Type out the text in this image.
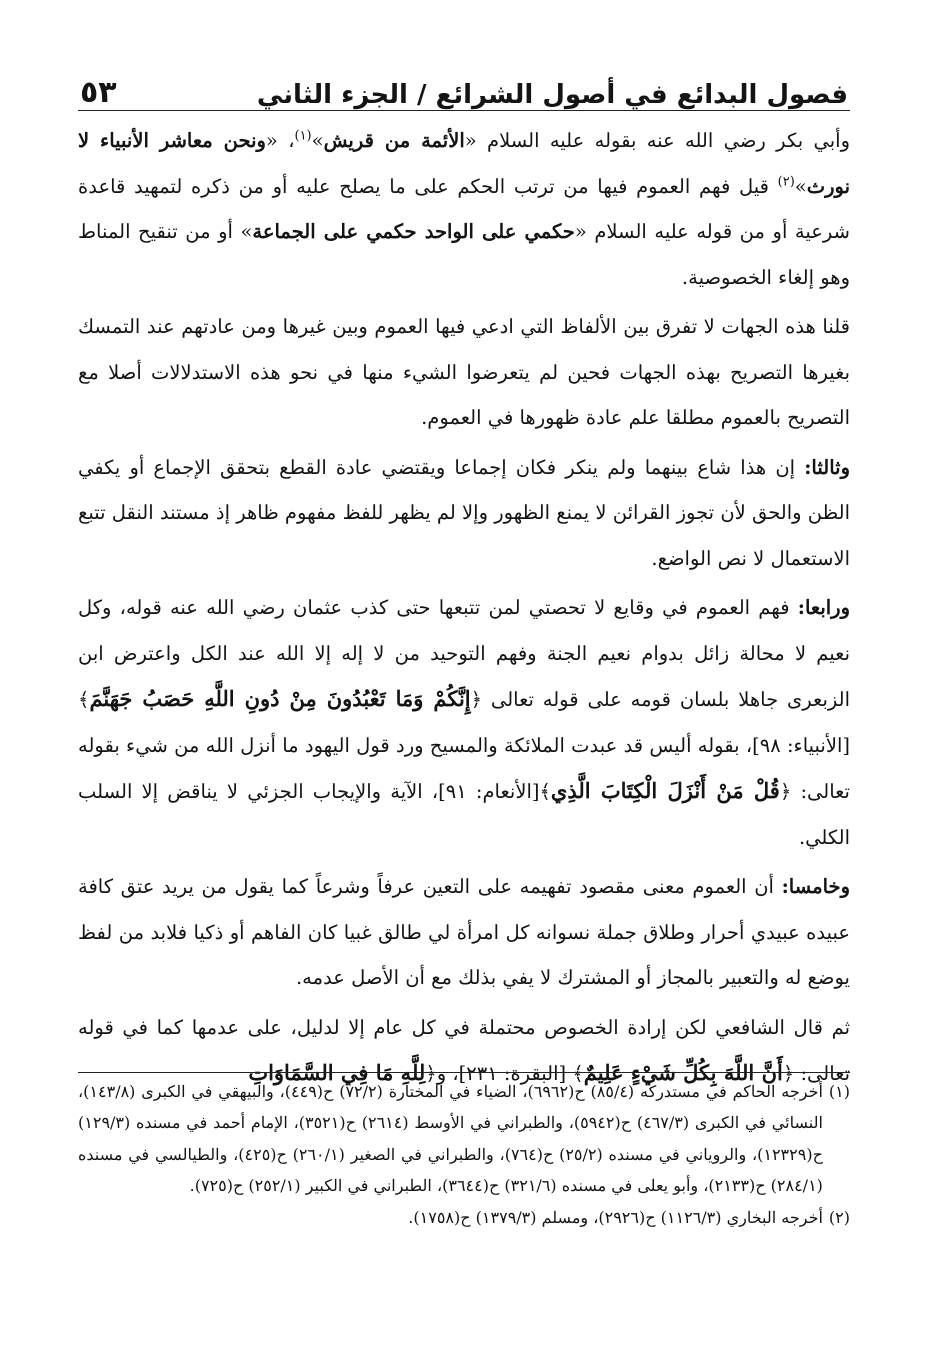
فصول البدائع في أصول الشرائع / الجزء الثاني
٥٣

وأبي بكر رضي الله عنه بقوله عليه السلام «الأئمة من قريش»$^{(١)}$، «ونحن معاشر الأنبياء لا نورث»$^{(٢)}$ قيل فهم العموم فيها من ترتب الحكم على ما يصلح عليه أو من ذكره لتمهيد قاعدة شرعية أو من قوله عليه السلام «حكمي على الواحد حكمي على الجماعة» أو من تنقيح المناط وهو إلغاء الخصوصية.

قلنا هذه الجهات لا تفرق بين الألفاظ التي ادعي فيها العموم وبين غيرها ومن عادتهم عند التمسك بغيرها التصريح بهذه الجهات فحين لم يتعرضوا الشيء منها في نحو هذه الاستدلالات أصلا مع التصريح بالعموم مطلقا علم عادة ظهورها في العموم.

وثالثا: إن هذا شاع بينهما ولم ينكر فكان إجماعا ويقتضي عادة القطع بتحقق الإجماع أو يكفي الظن والحق لأن تجوز القرائن لا يمنع الظهور وإلا لم يظهر للفظ مفهوم ظاهر إذ مستند النقل تتبع الاستعمال لا نص الواضع.

ورابعا: فهم العموم في وقايع لا تحصتي لمن تتبعها حتى كذب عثمان رضي الله عنه قوله، وكل نعيم لا محالة زائل بدوام نعيم الجنة وفهم التوحيد من لا إله إلا الله عند الكل واعترض ابن الزبعرى جاهلا بلسان قومه على قوله تعالى ﴿إِنَّكُمْ وَمَا تَعْبُدُونَ مِنْ دُونِ اللَّهِ حَصَبُ جَهَنَّمَ﴾ [الأنبياء: ٩٨]، بقوله أليس قد عبدت الملائكة والمسيح ورد قول اليهود ما أنزل الله من شيء بقوله تعالى: ﴿قُلْ مَنْ أَنْزَلَ الْكِتَابَ الَّذِي﴾[الأنعام: ٩١]، الآية والإيجاب الجزئي لا يناقض إلا السلب الكلي.

وخامسا: أن العموم معنى مقصود تفهيمه على التعين عرفاً وشرعاً كما يقول من يريد عتق كافة عبيده عبيدي أحرار وطلاق جملة نسوانه كل امرأة لي طالق غبيا كان الفاهم أو ذكيا فلابد من لفظ يوضع له والتعبير بالمجاز أو المشترك لا يفي بذلك مع أن الأصل عدمه.

ثم قال الشافعي لكن إرادة الخصوص محتملة في كل عام إلا لدليل، على عدمها كما في قوله تعالى: ﴿أَنَّ اللَّهَ بِكُلِّ شَيْءٍ عَلِيمٌ﴾ [البقرة: ٢٣١]، و﴿لِلَّهِ مَا فِي السَّمَاوَاتِ

(١)
أخرجه الحاكم في مستدركه (٨٥/٤) ح(٦٩٦٢)، الضياء في المختارة (٧٢/٢) ح(٤٤٩)، والبيهقي في الكبرى (١٤٣/٨)، النسائي في الكبرى (٤٦٧/٣) ح(٥٩٤٢)، والطبراني في الأوسط (٢٦١٤) ح(٣٥٢١)، الإمام أحمد في مسنده (١٢٩/٣) ح(١٢٣٢٩)، والروياني في مسنده (٢٥/٢) ح(٧٦٤)، والطبراني في الصغير (٢٦٠/١) ح(٤٢٥)، والطيالسي في مسنده (٢٨٤/١) ح(٢١٣٣)، وأبو يعلى في مسنده (٣٢١/٦) ح(٣٦٤٤)، الطبراني في الكبير (٢٥٢/١) ح(٧٢٥).
(٢)
أخرجه البخاري (١١٢٦/٣) ح(٢٩٢٦)، ومسلم (١٣٧٩/٣) ح(١٧٥٨).
